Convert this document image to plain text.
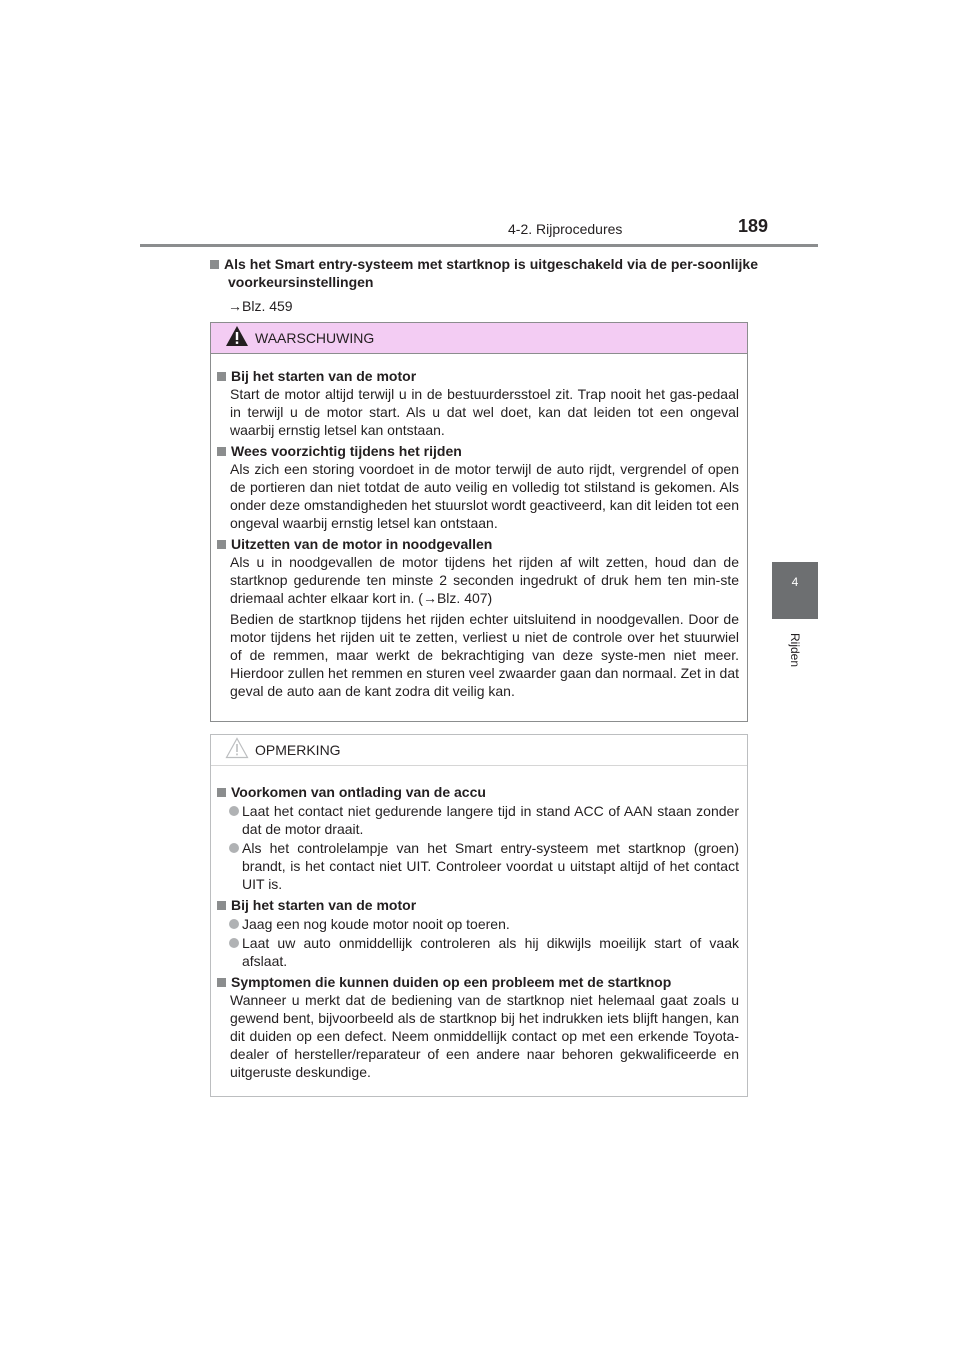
4-2. Rijprocedures	189
4
Rijden
Als het Smart entry-systeem met startknop is uitgeschakeld via de per-soonlijke voorkeursinstellingen
→Blz. 459
WAARSCHUWING
Bij het starten van de motor
Start de motor altijd terwijl u in de bestuurdersstoel zit. Trap nooit het gas-pedaal in terwijl u de motor start. Als u dat wel doet, kan dat leiden tot een ongeval waarbij ernstig letsel kan ontstaan.
Wees voorzichtig tijdens het rijden
Als zich een storing voordoet in de motor terwijl de auto rijdt, vergrendel of open de portieren dan niet totdat de auto veilig en volledig tot stilstand is gekomen. Als onder deze omstandigheden het stuurslot wordt geactiveerd, kan dit leiden tot een ongeval waarbij ernstig letsel kan ontstaan.
Uitzetten van de motor in noodgevallen
Als u in noodgevallen de motor tijdens het rijden af wilt zetten, houd dan de startknop gedurende ten minste 2 seconden ingedrukt of druk hem ten min-ste driemaal achter elkaar kort in. (→Blz. 407)
Bedien de startknop tijdens het rijden echter uitsluitend in noodgevallen. Door de motor tijdens het rijden uit te zetten, verliest u niet de controle over het stuurwiel of de remmen, maar werkt de bekrachtiging van deze syste-men niet meer. Hierdoor zullen het remmen en sturen veel zwaarder gaan dan normaal. Zet in dat geval de auto aan de kant zodra dit veilig kan.
OPMERKING
Voorkomen van ontlading van de accu
Laat het contact niet gedurende langere tijd in stand ACC of AAN staan zonder dat de motor draait.
Als het controlelampje van het Smart entry-systeem met startknop (groen) brandt, is het contact niet UIT. Controleer voordat u uitstapt altijd of het contact UIT is.
Bij het starten van de motor
Jaag een nog koude motor nooit op toeren.
Laat uw auto onmiddellijk controleren als hij dikwijls moeilijk start of vaak afslaat.
Symptomen die kunnen duiden op een probleem met de startknop
Wanneer u merkt dat de bediening van de startknop niet helemaal gaat zoals u gewend bent, bijvoorbeeld als de startknop bij het indrukken iets blijft hangen, kan dit duiden op een defect. Neem onmiddellijk contact op met een erkende Toyota-dealer of hersteller/reparateur of een andere naar behoren gekwalificeerde en uitgeruste deskundige.
